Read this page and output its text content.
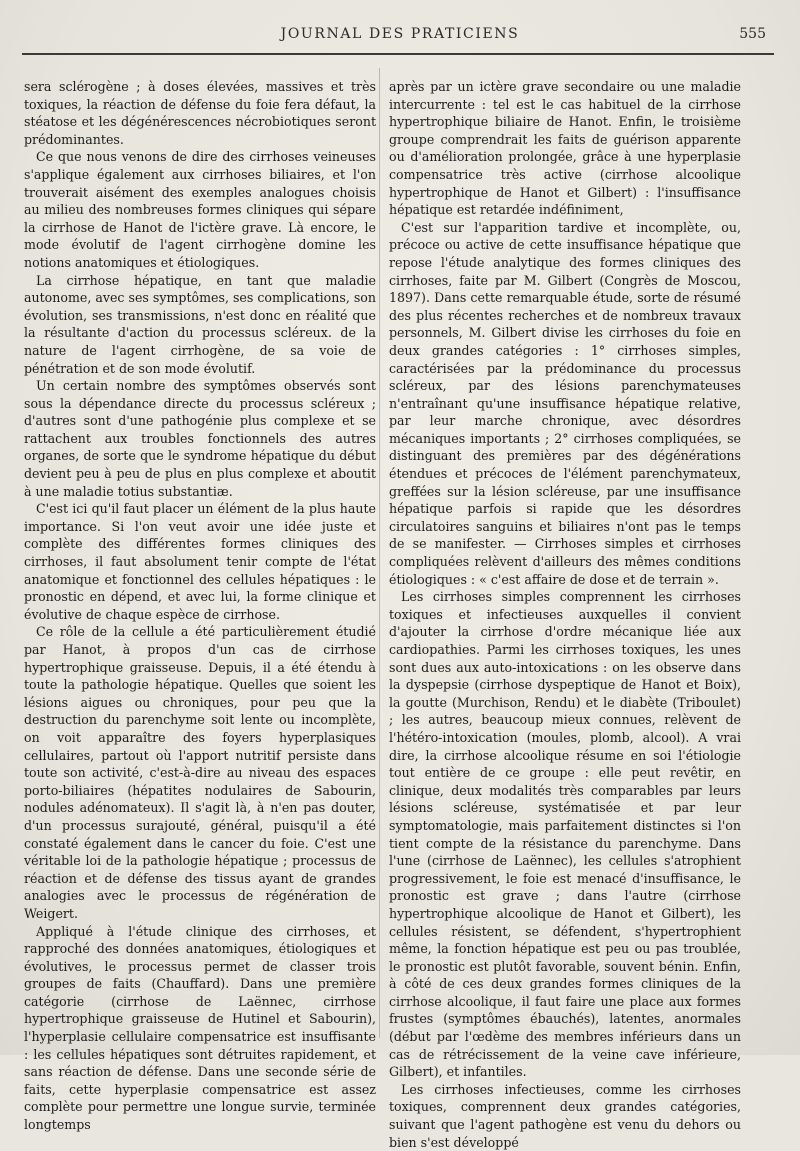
JOURNAL DES PRATICIENS	555

sera sclérogène ; à doses élevées, massives et très toxiques, la réaction de défense du foie fera défaut, la stéatose et les dégénérescences nécrobiotiques seront prédominantes.

Ce que nous venons de dire des cirrhoses veineuses s'applique également aux cirrhoses biliaires, et l'on trouverait aisément des exemples analogues choisis au milieu des nombreuses formes cliniques qui sépare la cirrhose de Hanot de l'ictère grave. Là encore, le mode évolutif de l'agent cirrhogène domine les notions anatomiques et étiologiques.

La cirrhose hépatique, en tant que maladie autonome, avec ses symptômes, ses complications, son évolution, ses transmissions, n'est donc en réalité que la résultante d'action du processus scléreux. de la nature de l'agent cirrhogène, de sa voie de pénétration et de son mode évolutif.

Un certain nombre des symptômes observés sont sous la dépendance directe du processus scléreux ; d'autres sont d'une pathogénie plus complexe et se rattachent aux troubles fonctionnels des autres organes, de sorte que le syndrome hépatique du début devient peu à peu de plus en plus complexe et aboutit à une maladie totius substantiæ.

C'est ici qu'il faut placer un élément de la plus haute importance. Si l'on veut avoir une idée juste et complète des différentes formes cliniques des cirrhoses, il faut absolument tenir compte de l'état anatomique et fonctionnel des cellules hépatiques : le pronostic en dépend, et avec lui, la forme clinique et évolutive de chaque espèce de cirrhose.

Ce rôle de la cellule a été particulièrement étudié par Hanot, à propos d'un cas de cirrhose hypertrophique graisseuse. Depuis, il a été étendu à toute la pathologie hépatique. Quelles que soient les lésions aigues ou chroniques, pour peu que la destruction du parenchyme soit lente ou incomplète, on voit apparaître des foyers hyperplasiques cellulaires, partout où l'apport nutritif persiste dans toute son activité, c'est-à-dire au niveau des espaces porto-biliaires (hépatites nodulaires de Sabourin, nodules adénomateux). Il s'agit là, à n'en pas douter, d'un processus surajouté, général, puisqu'il a été constaté également dans le cancer du foie. C'est une véritable loi de la pathologie hépatique ; processus de réaction et de défense des tissus ayant de grandes analogies avec le processus de régénération de Weigert.

Appliqué à l'étude clinique des cirrhoses, et rapproché des données anatomiques, étiologiques et évolutives, le processus permet de classer trois groupes de faits (Chauffard). Dans une première catégorie (cirrhose de Laënnec, cirrhose hypertrophique graisseuse de Hutinel et Sabourin), l'hyperplasie cellulaire compensatrice est insuffisante : les cellules hépatiques sont détruites rapidement, et sans réaction de défense. Dans une seconde série de faits, cette hyperplasie compensatrice est assez complète pour permettre une longue survie, terminée longtemps

après par un ictère grave secondaire ou une maladie intercurrente : tel est le cas habituel de la cirrhose hypertrophique biliaire de Hanot. Enfin, le troisième groupe comprendrait les faits de guérison apparente ou d'amélioration prolongée, grâce à une hyperplasie compensatrice très active (cirrhose alcoolique hypertrophique de Hanot et Gilbert) : l'insuffisance hépatique est retardée indéfiniment,

C'est sur l'apparition tardive et incomplète, ou, précoce ou active de cette insuffisance hépatique que repose l'étude analytique des formes cliniques des cirrhoses, faite par M. Gilbert (Congrès de Moscou, 1897). Dans cette remarquable étude, sorte de résumé des plus récentes recherches et de nombreux travaux personnels, M. Gilbert divise les cirrhoses du foie en deux grandes catégories : 1° cirrhoses simples, caractérisées par la prédominance du processus scléreux, par des lésions parenchymateuses n'entraînant qu'une insuffisance hépatique relative, par leur marche chronique, avec désordres mécaniques importants ; 2° cirrhoses compliquées, se distinguant des premières par des dégénérations étendues et précoces de l'élément parenchymateux, greffées sur la lésion scléreuse, par une insuffisance hépatique parfois si rapide que les désordres circulatoires sanguins et biliaires n'ont pas le temps de se manifester. — Cirrhoses simples et cirrhoses compliquées relèvent d'ailleurs des mêmes conditions étiologiques : « c'est affaire de dose et de terrain ».

Les cirrhoses simples comprennent les cirrhoses toxiques et infectieuses auxquelles il convient d'ajouter la cirrhose d'ordre mécanique liée aux cardiopathies. Parmi les cirrhoses toxiques, les unes sont dues aux auto-intoxications : on les observe dans la dyspepsie (cirrhose dyspeptique de Hanot et Boix), la goutte (Murchison, Rendu) et le diabète (Triboulet) ; les autres, beaucoup mieux connues, relèvent de l'hétéro-intoxication (moules, plomb, alcool). A vrai dire, la cirrhose alcoolique résume en soi l'étiologie tout entière de ce groupe : elle peut revêtir, en clinique, deux modalités très comparables par leurs lésions scléreuse, systématisée et par leur symptomatologie, mais parfaitement distinctes si l'on tient compte de la résistance du parenchyme. Dans l'une (cirrhose de Laënnec), les cellules s'atrophient progressivement, le foie est menacé d'insuffisance, le pronostic est grave ; dans l'autre (cirrhose hypertrophique alcoolique de Hanot et Gilbert), les cellules résistent, se défendent, s'hypertrophient même, la fonction hépatique est peu ou pas troublée, le pronostic est plutôt favorable, souvent bénin. Enfin, à côté de ces deux grandes formes cliniques de la cirrhose alcoolique, il faut faire une place aux formes frustes (symptômes ébauchés), latentes, anormales (début par l'œdème des membres inférieurs dans un cas de rétrécissement de la veine cave inférieure, Gilbert), et infantiles.

Les cirrhoses infectieuses, comme les cirrhoses toxiques, comprennent deux grandes catégories, suivant que l'agent pathogène est venu du dehors ou bien s'est développé
